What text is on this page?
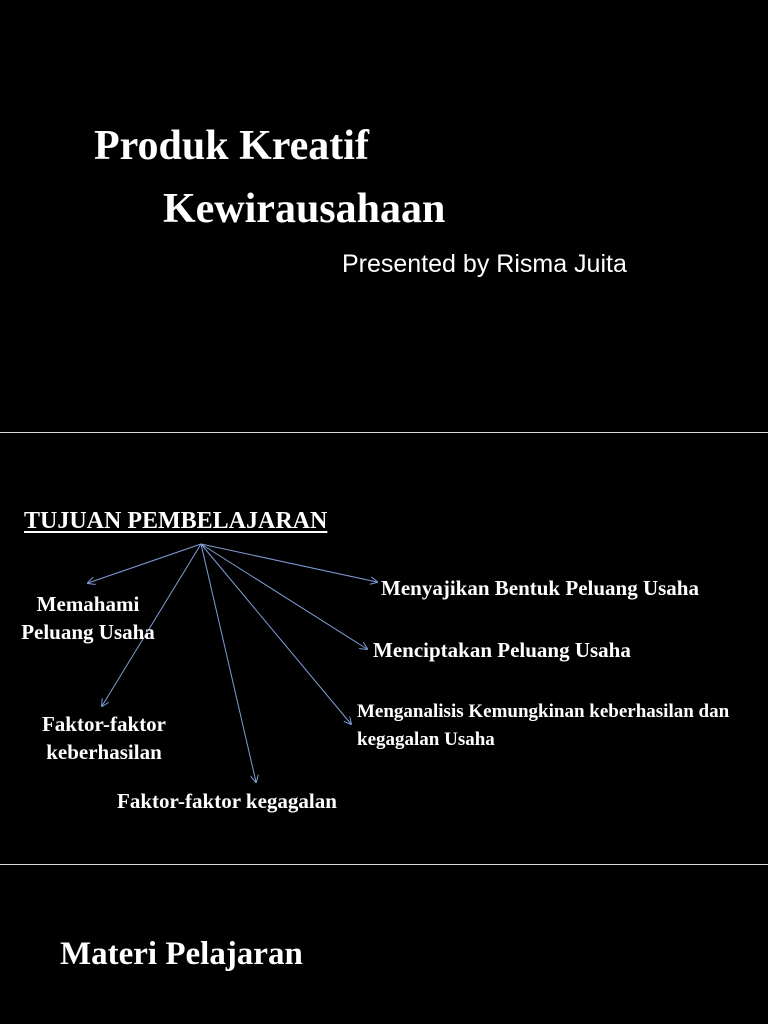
Produk Kreatif
Kewirausahaan
Presented by Risma Juita
TUJUAN PEMBELAJARAN
Memahami Peluang Usaha
Faktor-faktor keberhasilan
Faktor-faktor kegagalan
Menyajikan Bentuk Peluang Usaha
Menciptakan Peluang Usaha
Menganalisis Kemungkinan keberhasilan dan kegagalan Usaha
Materi Pelajaran
